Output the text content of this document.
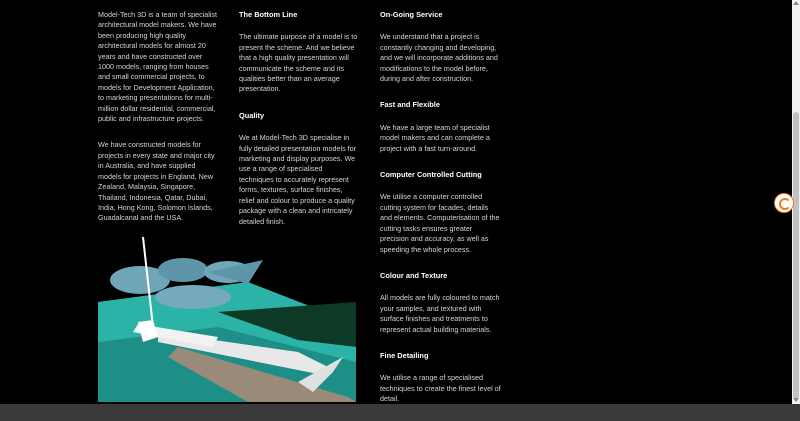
Model-Tech 3D is a team of specialist architectural model makers. We have been producing high quality architectural models for almost 20 years and have constructed over 1000 models, ranging from houses and small commercial projects, to models for Development Application, to marketing presentations for multi-million dollar residential, commercial, public and infrastructure projects.

We have constructed models for projects in every state and major city in Australia, and have supplied models for projects in England, New Zealand, Malaysia, Singapore, Thailand, Indonesia, Qatar, Dubai, India, Hong Kong, Solomon Islands, Guadalcanal and the USA.

The Bottom Line

The ultimate purpose of a model is to present the scheme. And we believe that a high quality presentation will communicate the scheme and its qualities better than an average presentation.

Quality

We at Model-Tech 3D specialise in fully detailed presentation models for marketing and display purposes. We use a range of specialised techniques to accurately represent forms, textures, surface finishes, relief and colour to produce a quality package with a clean and intricately detailed finish.

On-Going Service

We understand that a project is constantly changing and developing, and we will incorporate additions and modifications to the model before, during and after construction.

Fast and Flexible

We have a large team of specialist model makers and can complete a project with a fast turn-around.

Computer Controlled Cutting

We utilise a computer controlled cutting system for facades, details and elements. Computerisation of the cutting tasks ensures greater precision and accuracy, as well as speeding the whole process.

Colour and Texture

All models are fully coloured to match your samples, and textured with surface finishes and treatments to represent actual building materials.

Fine Detailing

We utilise a range of specialised techniques to create the finest level of detail.
